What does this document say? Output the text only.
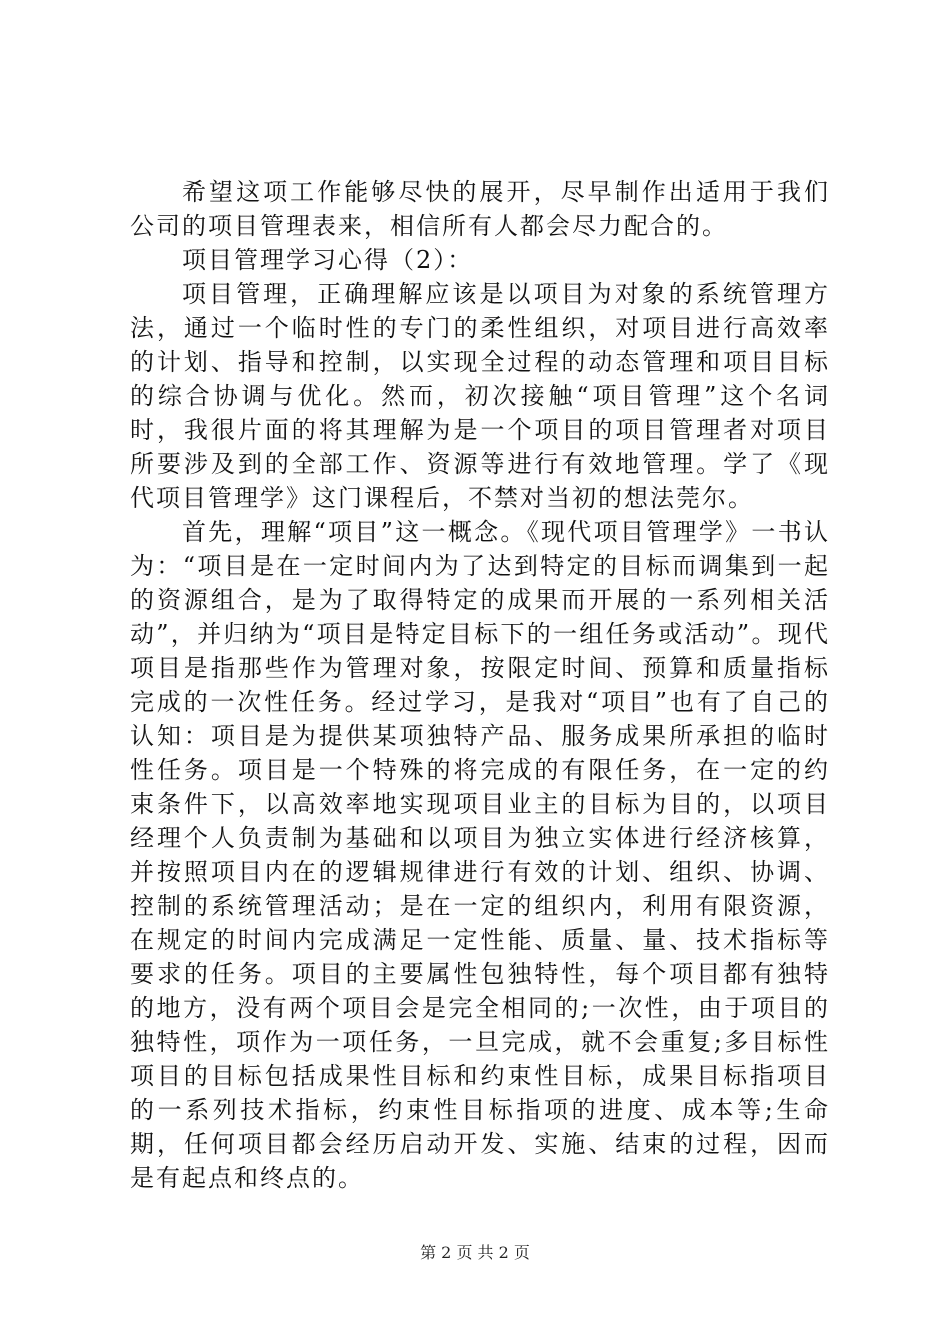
希望这项工作能够尽快的展开，尽早制作出适用于我们公司的项目管理表来，相信所有人都会尽力配合的。

项目管理学习心得（2）：

项目管理，正确理解应该是以项目为对象的系统管理方法，通过一个临时性的专门的柔性组织，对项目进行高效率的计划、指导和控制，以实现全过程的动态管理和项目目标的综合协调与优化。然而，初次接触“项目管理”这个名词时，我很片面的将其理解为是一个项目的项目管理者对项目所要涉及到的全部工作、资源等进行有效地管理。学了《现代项目管理学》这门课程后，不禁对当初的想法莞尔。

首先，理解“项目”这一概念。《现代项目管理学》一书认为：“项目是在一定时间内为了达到特定的目标而调集到一起的资源组合，是为了取得特定的成果而开展的一系列相关活动”，并归纳为“项目是特定目标下的一组任务或活动”。现代项目是指那些作为管理对象，按限定时间、预算和质量指标完成的一次性任务。经过学习，是我对“项目”也有了自己的认知：项目是为提供某项独特产品、服务成果所承担的临时性任务。项目是一个特殊的将完成的有限任务，在一定的约束条件下，以高效率地实现项目业主的目标为目的，以项目经理个人负责制为基础和以项目为独立实体进行经济核算，并按照项目内在的逻辑规律进行有效的计划、组织、协调、控制的系统管理活动；是在一定的组织内，利用有限资源，在规定的时间内完成满足一定性能、质量、量、技术指标等要求的任务。项目的主要属性包独特性，每个项目都有独特的地方，没有两个项目会是完全相同的;一次性，由于项目的独特性，项作为一项任务，一旦完成，就不会重复;多目标性项目的目标包括成果性目标和约束性目标，成果目标指项目的一系列技术指标，约束性目标指项的进度、成本等;生命期，任何项目都会经历启动开发、实施、结束的过程，因而是有起点和终点的。

第 2 页 共 2 页
